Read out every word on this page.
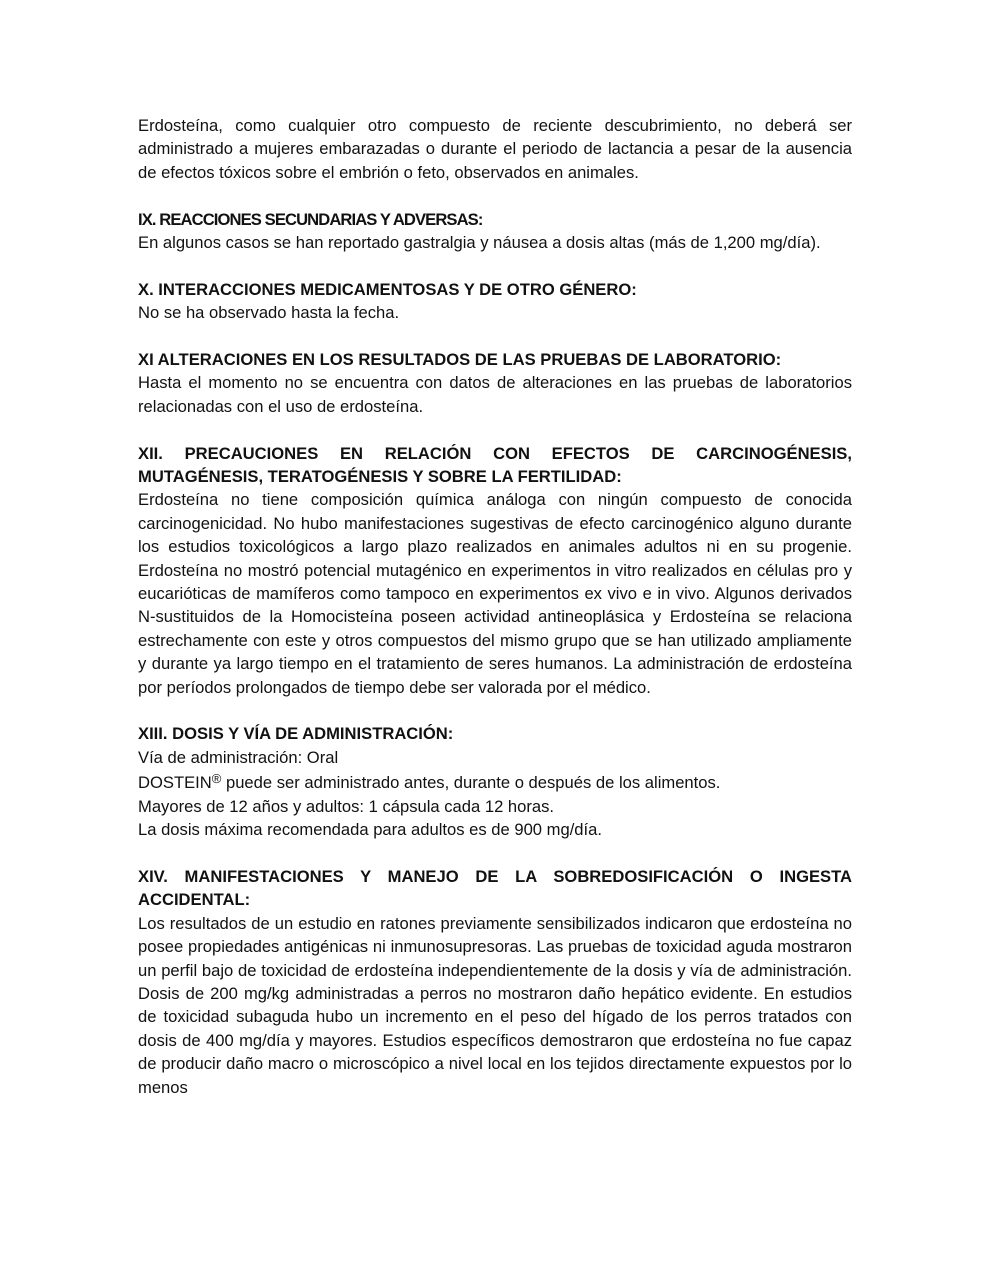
Erdosteína, como cualquier otro compuesto de reciente descubrimiento, no deberá ser administrado a mujeres embarazadas o durante el periodo de lactancia a pesar de la ausencia de efectos tóxicos sobre el embrión o feto, observados en animales.

IX. REACCIONES SECUNDARIAS Y ADVERSAS:

En algunos casos se han reportado gastralgia y náusea a dosis altas (más de 1,200 mg/día).

X. INTERACCIONES MEDICAMENTOSAS Y DE OTRO GÉNERO:

No se ha observado hasta la fecha.

XI ALTERACIONES EN LOS RESULTADOS DE LAS PRUEBAS DE LABORATORIO:

Hasta el momento no se encuentra con datos de alteraciones en las pruebas de laboratorios relacionadas con el uso de erdosteína.

XII. PRECAUCIONES EN RELACIÓN CON EFECTOS DE CARCINOGÉNESIS, MUTAGÉNESIS, TERATOGÉNESIS Y SOBRE LA FERTILIDAD:

Erdosteína no tiene composición química análoga con ningún compuesto de conocida carcinogenicidad. No hubo manifestaciones sugestivas de efecto carcinogénico alguno durante los estudios toxicológicos a largo plazo realizados en animales adultos ni en su progenie. Erdosteína no mostró potencial mutagénico en experimentos in vitro realizados en células pro y eucarióticas de mamíferos como tampoco en experimentos ex vivo e in vivo. Algunos derivados N-sustituidos de la Homocisteína poseen actividad antineoplásica y Erdosteína se relaciona estrechamente con este y otros compuestos del mismo grupo que se han utilizado ampliamente y durante ya largo tiempo en el tratamiento de seres humanos. La administración de erdosteína por períodos prolongados de tiempo debe ser valorada por el médico.

XIII. DOSIS Y VÍA DE ADMINISTRACIÓN:

Vía de administración: Oral

DOSTEIN® puede ser administrado antes, durante o después de los alimentos.

Mayores de 12 años y adultos: 1 cápsula cada 12 horas.

La dosis máxima recomendada para adultos es de 900 mg/día.

XIV. MANIFESTACIONES Y MANEJO DE LA SOBREDOSIFICACIÓN O INGESTA ACCIDENTAL:

Los resultados de un estudio en ratones previamente sensibilizados indicaron que erdosteína no posee propiedades antigénicas ni inmunosupresoras. Las pruebas de toxicidad aguda mostraron un perfil bajo de toxicidad de erdosteína independientemente de la dosis y vía de administración. Dosis de 200 mg/kg administradas a perros no mostraron daño hepático evidente. En estudios de toxicidad subaguda hubo un incremento en el peso del hígado de los perros tratados con dosis de 400 mg/día y mayores. Estudios específicos demostraron que erdosteína no fue capaz de producir daño macro o microscópico a nivel local en los tejidos directamente expuestos por lo menos
